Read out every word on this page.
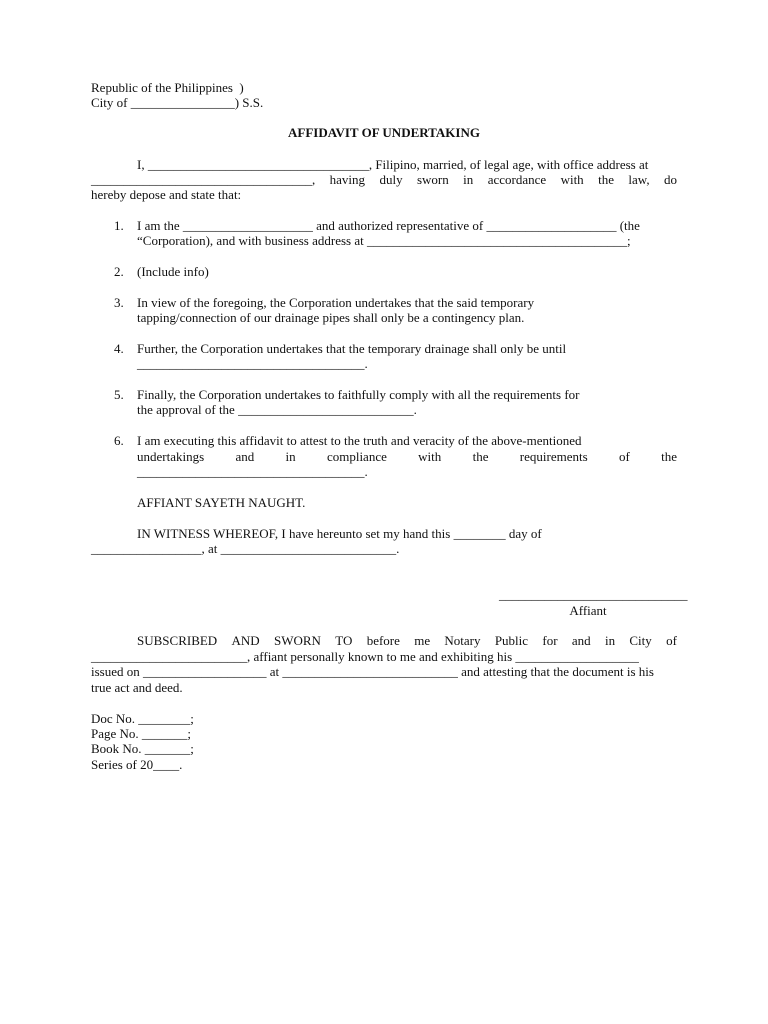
Republic of the Philippines  )
City of ________________) S.S.
AFFIDAVIT OF UNDERTAKING
I, __________________________________, Filipino, married, of legal age, with office address at
__________________________________, having duly sworn in accordance with the law, do
hereby depose and state that:
1. I am the ____________________ and authorized representative of ____________________ (the
“Corporation), and with business address at ________________________________________;
2. (Include info)
3. In view of the foregoing, the Corporation undertakes that the said temporary
tapping/connection of our drainage pipes shall only be a contingency plan.
4. Further, the Corporation undertakes that the temporary drainage shall only be until
___________________________________.
5. Finally, the Corporation undertakes to faithfully comply with all the requirements for
the approval of the ___________________________.
6. I am executing this affidavit to attest to the truth and veracity of the above-mentioned
undertakings and in compliance with the requirements of the
___________________________________.
AFFIANT SAYETH NAUGHT.
IN WITNESS WHEREOF, I have hereunto set my hand this ________ day of
_________________, at ___________________________.
_____________________________
Affiant
SUBSCRIBED AND SWORN TO before me Notary Public for and in City of
________________________, affiant personally known to me and exhibiting his ___________________
issued on ___________________ at ___________________________ and attesting that the document is his
true act and deed.
Doc No. ________;
Page No. _______;
Book No. _______;
Series of 20____.
